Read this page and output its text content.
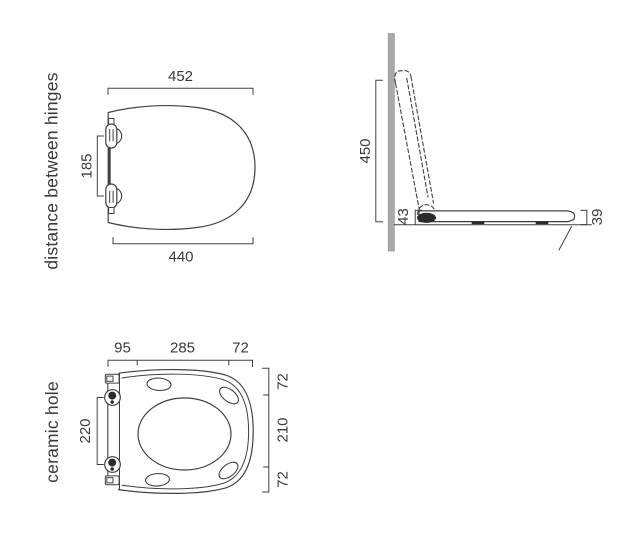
distance between hinges	452
185
440
450
43	39
ceramic hole
95	285 72
220
72
210
72
